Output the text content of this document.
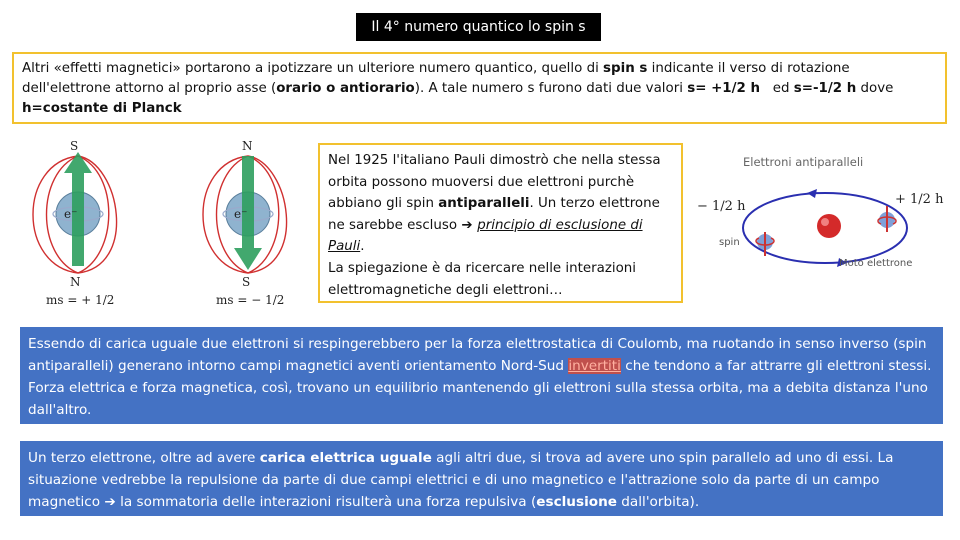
Il 4° numero quantico lo spin s
Altri «effetti magnetici» portarono a ipotizzare un ulteriore numero quantico, quello di spin s indicante il verso di rotazione dell'elettrone attorno al proprio asse (orario o antiorario). A tale numero s furono dati due valori s= +1/2 h   ed s=-1/2 h dove h=costante di Planck
S
N
e⁻
ms = + 1/2
N
S
e⁻
ms = − 1/2
Nel 1925 l'italiano Pauli dimostrò che nella stessa orbita possono muoversi due elettroni purchè abbiano gli spin antiparalleli. Un terzo elettrone ne sarebbe escluso ➔ principio di esclusione di Pauli.
La spiegazione è da ricercare nelle interazioni elettromagnetiche degli elettroni…
Elettroni antiparalleli
− 1/2 h	+ 1/2 h
spin
Moto elettrone
Essendo di carica uguale due elettroni si respingerebbero per la forza elettrostatica di Coulomb, ma ruotando in senso inverso (spin antiparalleli) generano intorno campi magnetici aventi orientamento Nord-Sud invertiti che tendono a far attrarre gli elettroni stessi. Forza elettrica e forza magnetica, così, trovano un equilibrio mantenendo gli elettroni sulla stessa orbita, ma a debita distanza l'uno dall'altro.
Un terzo elettrone, oltre ad avere carica elettrica uguale agli altri due, si trova ad avere uno spin parallelo ad uno di essi. La situazione vedrebbe la repulsione da parte di due campi elettrici e di uno magnetico e l'attrazione solo da parte di un campo magnetico ➔ la sommatoria delle interazioni risulterà una forza repulsiva (esclusione dall'orbita).
